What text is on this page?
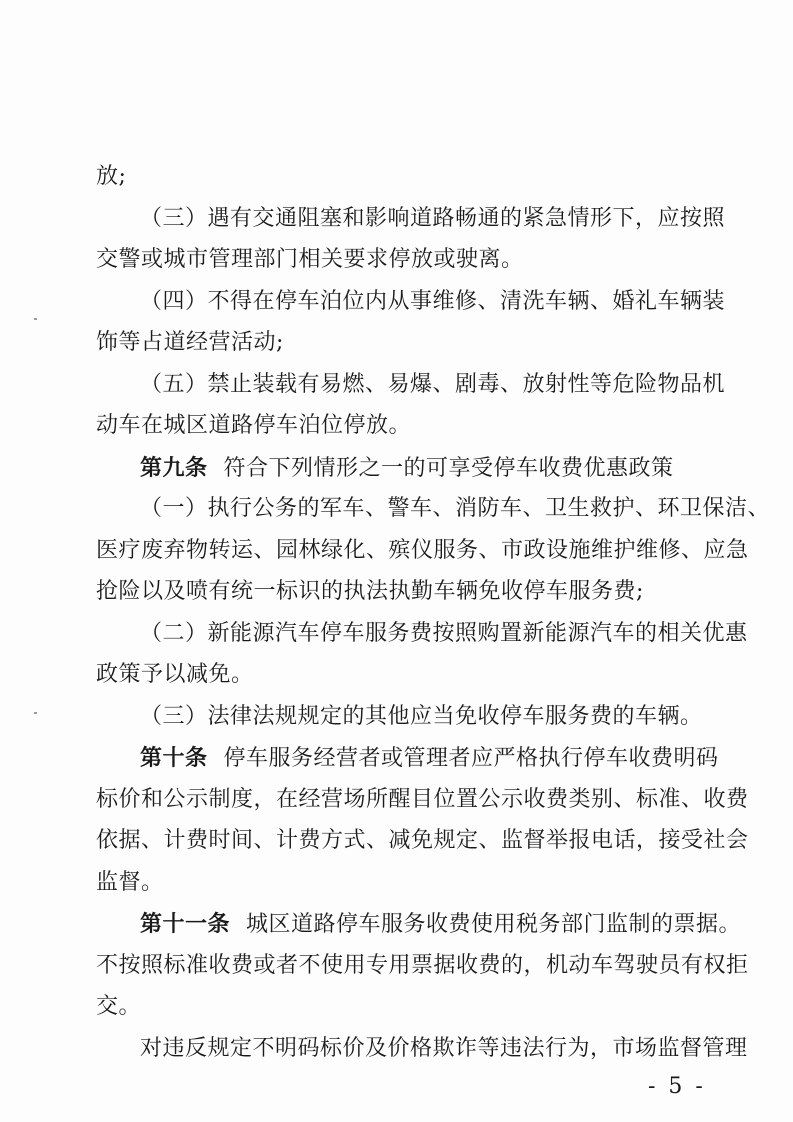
放;
（三）遇有交通阻塞和影响道路畅通的紧急情形下，应按照
交警或城市管理部门相关要求停放或驶离。
（四）不得在停车泊位内从事维修、清洗车辆、婚礼车辆装
饰等占道经营活动;
（五）禁止装载有易燃、易爆、剧毒、放射性等危险物品机
动车在城区道路停车泊位停放。
第九条 符合下列情形之一的可享受停车收费优惠政策
（一）执行公务的军车、警车、消防车、卫生救护、环卫保洁、
医疗废弃物转运、园林绿化、殡仪服务、市政设施维护维修、应急
抢险以及喷有统一标识的执法执勤车辆免收停车服务费;
（二）新能源汽车停车服务费按照购置新能源汽车的相关优惠
政策予以减免。
（三）法律法规规定的其他应当免收停车服务费的车辆。
第十条 停车服务经营者或管理者应严格执行停车收费明码
标价和公示制度，在经营场所醒目位置公示收费类别、标准、收费
依据、计费时间、计费方式、减免规定、监督举报电话，接受社会
监督。
第十一条 城区道路停车服务收费使用税务部门监制的票据。
不按照标准收费或者不使用专用票据收费的，机动车驾驶员有权拒
交。
对违反规定不明码标价及价格欺诈等违法行为，市场监督管理
- 5 -
